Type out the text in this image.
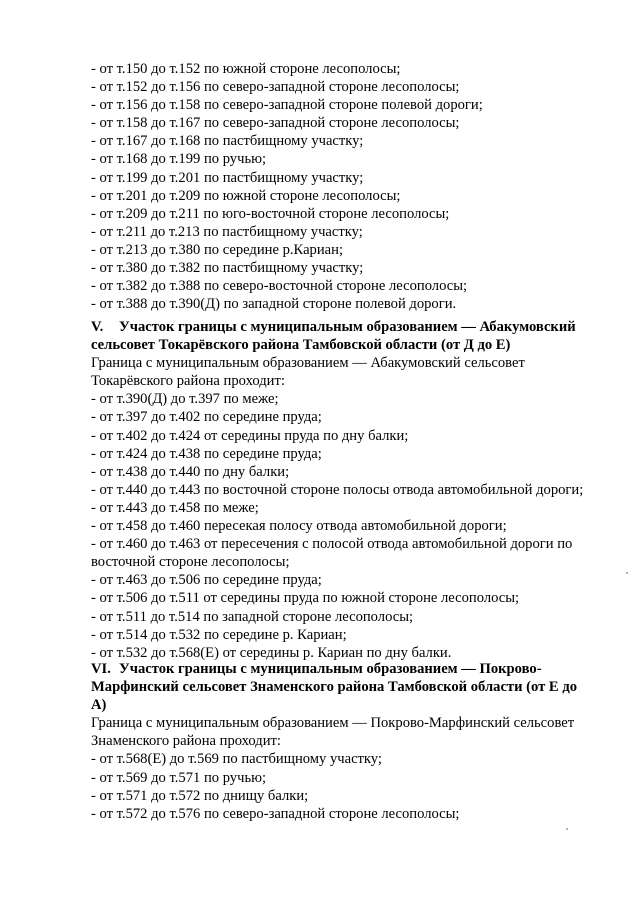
- от т.150 до т.152 по южной стороне лесополосы;
- от т.152 до т.156 по северо-западной стороне лесополосы;
- от т.156 до т.158 по северо-западной стороне полевой дороги;
- от т.158 до т.167 по северо-западной стороне лесополосы;
- от т.167 до т.168 по пастбищному участку;
- от т.168 до т.199 по ручью;
- от т.199 до т.201 по пастбищному участку;
- от т.201 до т.209 по южной стороне лесополосы;
- от т.209 до т.211 по юго-восточной стороне лесополосы;
- от т.211 до т.213 по пастбищному участку;
- от т.213 до т.380 по середине р.Кариан;
- от т.380 до т.382 по пастбищному участку;
- от т.382 до т.388 по северо-восточной стороне лесополосы;
- от т.388 до т.390(Д) по западной стороне полевой дороги.
V. Участок границы с муниципальным образованием — Абакумовский
сельсовет Токарёвского района Тамбовской области (от Д до Е)
Граница с муниципальным образованием — Абакумовский сельсовет
Токарёвского района проходит:
- от т.390(Д) до т.397 по меже;
- от т.397 до т.402 по середине пруда;
- от т.402 до т.424 от середины пруда по дну балки;
- от т.424 до т.438 по середине пруда;
- от т.438 до т.440 по дну балки;
- от т.440 до т.443 по восточной стороне полосы отвода автомобильной дороги;
- от т.443 до т.458 по меже;
- от т.458 до т.460 пересекая полосу отвода автомобильной дороги;
- от т.460 до т.463 от пересечения с полосой отвода автомобильной дороги по
восточной стороне лесополосы;
- от т.463 до т.506 по середине пруда;
- от т.506 до т.511 от середины пруда по южной стороне лесополосы;
- от т.511 до т.514 по западной стороне лесополосы;
- от т.514 до т.532 по середине р. Кариан;
- от т.532 до т.568(Е) от середины р. Кариан по дну балки.
VI. Участок границы с муниципальным образованием — Покрово-
Марфинский сельсовет Знаменского района Тамбовской области (от Е до
А)
Граница с муниципальным образованием — Покрово-Марфинский сельсовет
Знаменского района проходит:
- от т.568(Е) до т.569 по пастбищному участку;
- от т.569 до т.571 по ручью;
- от т.571 до т.572 по днищу балки;
- от т.572 до т.576 по северо-западной стороне лесополосы;
